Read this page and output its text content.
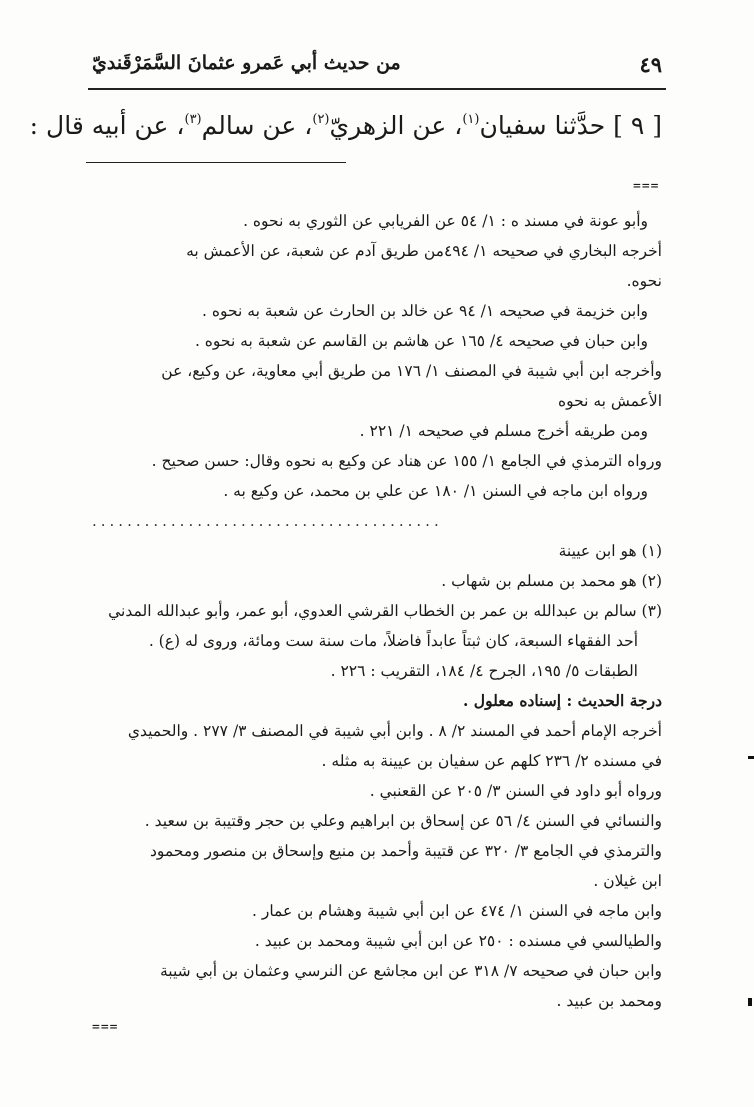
٤٩
من حديث أبي عَمرو عثمانَ السَّمَرْقَنديّ
[ ٩ ] حدَّثنا سفيان$^{(١)}$، عن الزهريّ$^{(٢)}$، عن سالم$^{(٣)}$، عن أبيه قال :
===
وأبو عونة في مسند ه : ١/ ٥٤ عن الفريابي عن الثوري به نحوه .
أخرجه البخاري في صحيحه ١/ ٤٩٤من طريق آدم عن شعبة، عن الأعمش به
نحوه.
وابن خزيمة في صحيحه ١/ ٩٤ عن خالد بن الحارث عن شعبة به نحوه .
وابن حبان في صحيحه ٤/ ١٦٥ عن هاشم بن القاسم عن شعبة به نحوه .
وأخرجه ابن أبي شيبة في المصنف ١/ ١٧٦ من طريق أبي معاوية، عن وكيع، عن
الأعمش به نحوه
ومن طريقه أخرج مسلم في صحيحه ١/ ٢٢١ .
ورواه الترمذي في الجامع ١/ ١٥٥ عن هناد عن وكيع به نحوه وقال: حسن صحيح .
ورواه ابن ماجه في السنن ١/ ١٨٠ عن علي بن محمد، عن وكيع به .
........................................
(١) هو ابن عيينة
(٢) هو محمد بن مسلم بن شهاب .
(٣) سالم بن عبدالله بن عمر بن الخطاب القرشي العدوي، أبو عمر، وأبو عبدالله المدني
أحد الفقهاء السبعة، كان ثبتاً عابداً فاضلاً، مات سنة ست ومائة، وروى له (ع) .
الطبقات ٥/ ١٩٥، الجرح ٤/ ١٨٤، التقريب : ٢٢٦ .
درجة الحديث : إسناده معلول .
أخرجه الإمام أحمد في المسند ٢/ ٨ . وابن أبي شيبة في المصنف ٣/ ٢٧٧ . والحميدي
في مسنده ٢/ ٢٣٦ كلهم عن سفيان بن عيينة به مثله .
ورواه أبو داود في السنن ٣/ ٢٠٥ عن القعنبي .
والنسائي في السنن ٤/ ٥٦ عن إسحاق بن ابراهيم وعلي بن حجر وقتيبة بن سعيد .
والترمذي في الجامع ٣/ ٣٢٠ عن قتيبة وأحمد بن منيع وإسحاق بن منصور ومحمود
ابن غيلان .
وابن ماجه في السنن ١/ ٤٧٤ عن ابن أبي شيبة وهشام بن عمار .
والطيالسي في مسنده : ٢٥٠ عن ابن أبي شيبة ومحمد بن عبيد .
وابن حبان في صحيحه ٧/ ٣١٨ عن ابن مجاشع عن النرسي وعثمان بن أبي شيبة
ومحمد بن عبيد .
===
